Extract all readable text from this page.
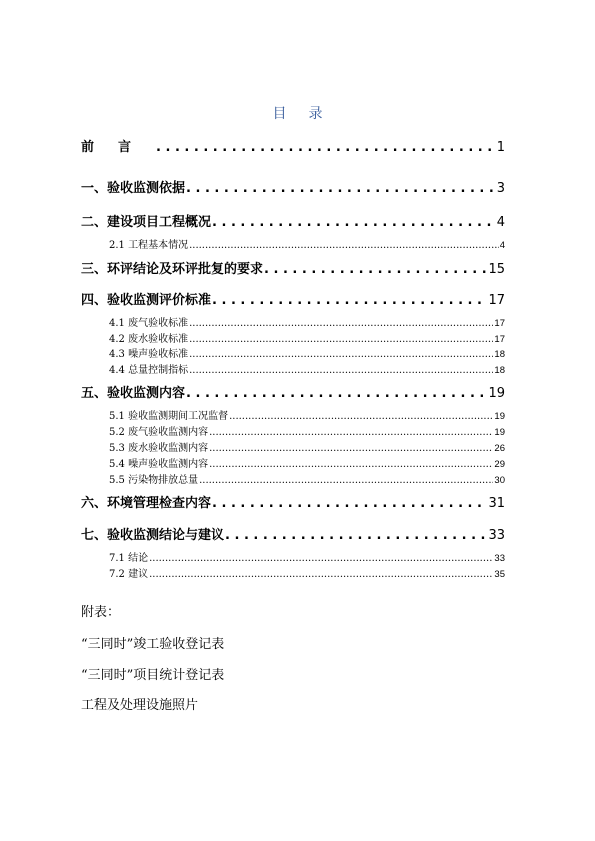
目录
前言 . . .	1
一、验收监测依据 . . .	3
二、建设项目工程概况 . . .	4
2.1 工程基本情况 .....	4
三、环评结论及环评批复的要求 . . .	15
四、验收监测评价标准 . . .	17
4.1 废气验收标准 .....	17
4.2 废水验收标准 .....	17
4.3 噪声验收标准 .....	18
4.4 总量控制指标 .....	18
五、验收监测内容 . . .	19
5.1 验收监测期间工况监督 .....	19
5.2 废气验收监测内容 .....	19
5.3 废水验收监测内容 .....	26
5.4 噪声验收监测内容 .....	29
5.5 污染物排放总量 .....	30
六、环境管理检查内容 . . .	31
七、验收监测结论与建议 . . .	33
7.1 结论 .....	33
7.2 建议 .....	35
附表：
“三同时”竣工验收登记表
“三同时”项目统计登记表
工程及处理设施照片
